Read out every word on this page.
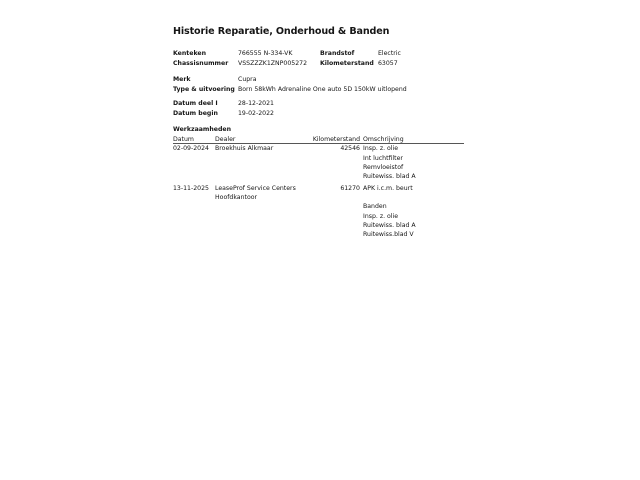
Historie Reparatie, Onderhoud & Banden
Kenteken	766555 N-334-VK	Brandstof	Electric
Chassisnummer VSSZZZK1ZNP005272 Kilometerstand 63057
Merk	Cupra
Type & uitvoering Born 58kWh Adrenaline One auto 5D 150kW uitlopend
Datum deel I	28-12-2021
Datum begin	19-02-2022
Werkzaamheden
Datum	Dealer	Kilometerstand Omschrijving
02-09-2024 Broekhuis Alkmaar	42546 Insp. z. olie
Int luchtfilter
Remvloeistof
Ruitewiss. blad A
13-11-2025 LeaseProf Service Centers
Hoofdkantoor
61270 APK i.c.m. beurt
Banden
Insp. z. olie
Ruitewiss. blad A
Ruitewiss.blad V
